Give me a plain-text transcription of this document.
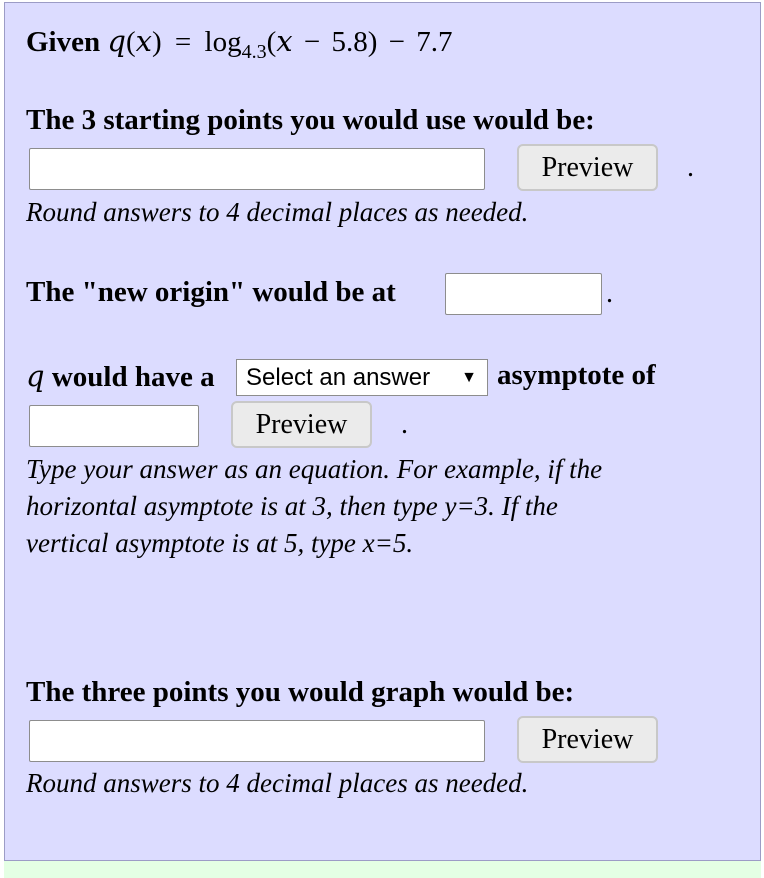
Given $q(x) = \log_{4.3}(x - 5.8) - 7.7$
The 3 starting points you would use would be:
Preview	.
Round answers to 4 decimal places as needed.
The "new origin" would be at	.
q would have a Select an answer ▼ asymptote of
Preview	.
Type your answer as an equation. For example, if the
horizontal asymptote is at 3, then type y=3. If the
vertical asymptote is at 5, type x=5.
The three points you would graph would be:
Preview
Round answers to 4 decimal places as needed.
